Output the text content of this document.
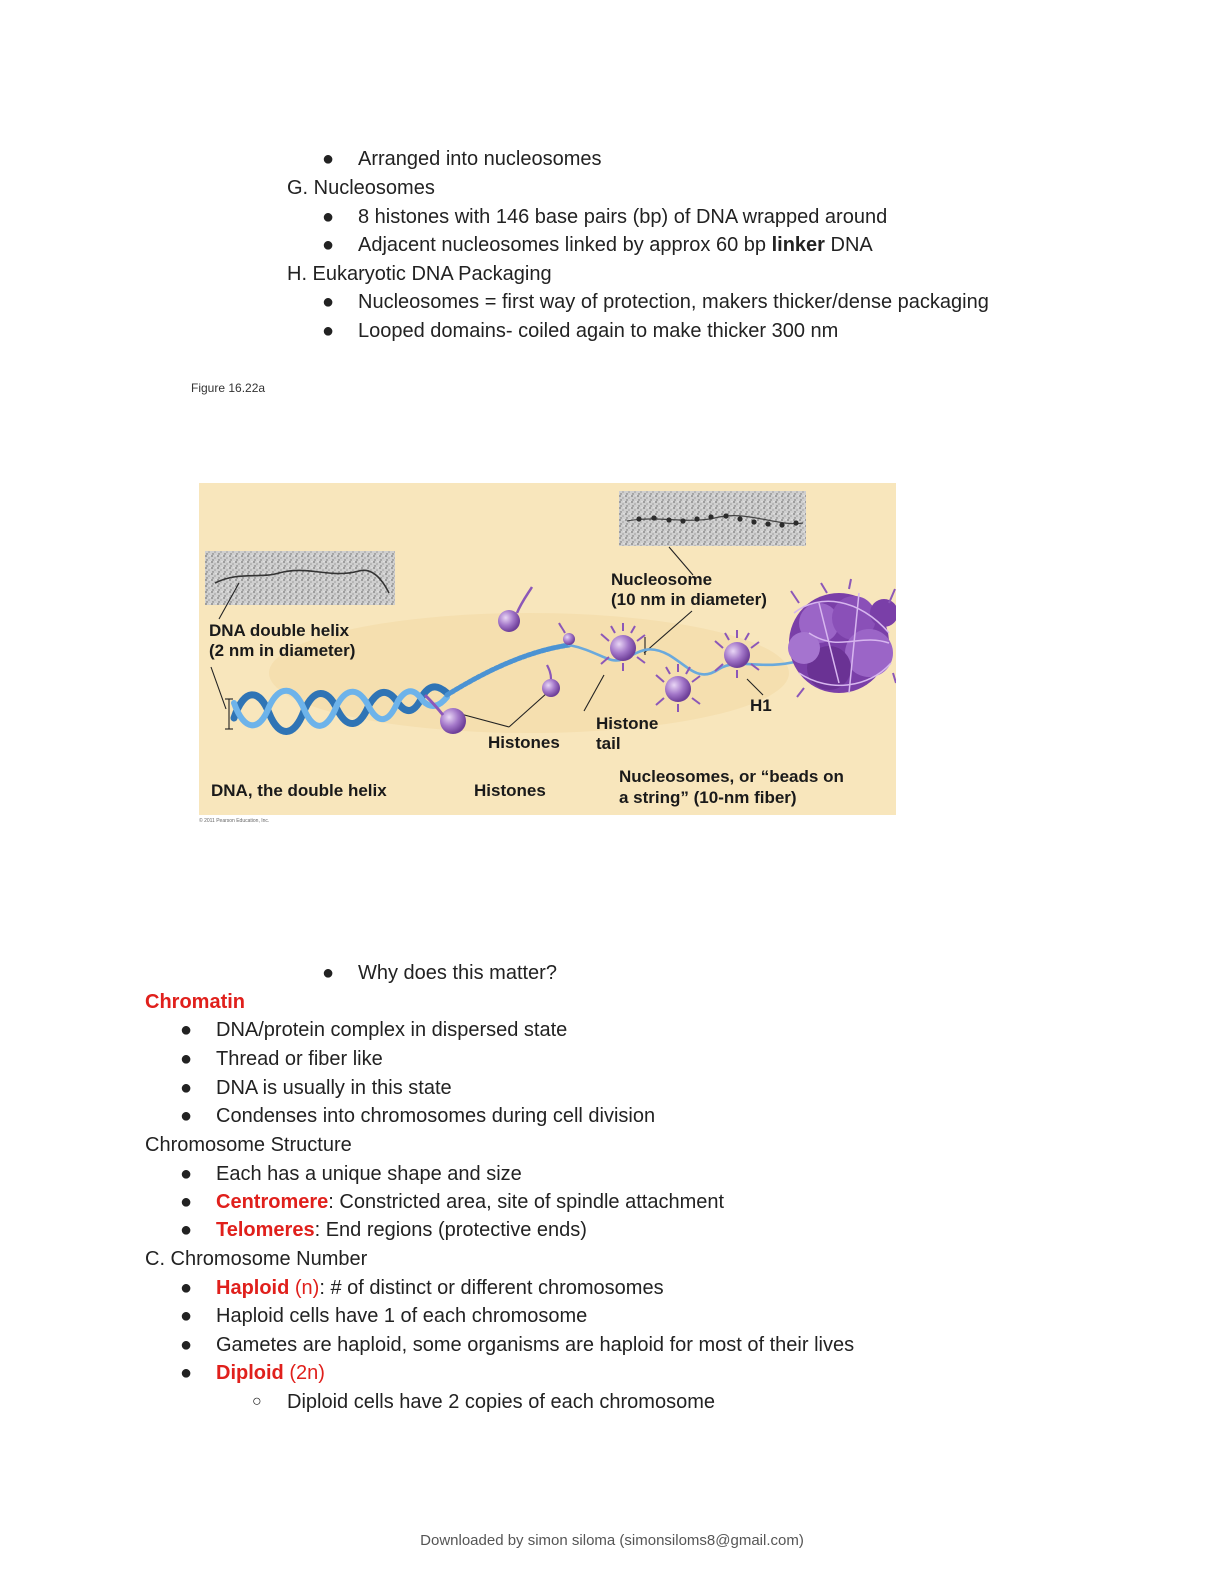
● Arranged into nucleosomes
G. Nucleosomes
● 8 histones with 146 base pairs (bp) of DNA wrapped around
● Adjacent nucleosomes linked by approx 60 bp linker DNA
H. Eukaryotic DNA Packaging
● Nucleosomes = first way of protection, makers thicker/dense packaging
● Looped domains- coiled again to make thicker 300 nm
Figure 16.22a
DNA double helix
(2 nm in diameter)
Nucleosome
(10 nm in diameter)
Histones
Histone
tail
H1
DNA, the double helix	Histones
Nucleosomes, or “beads on
a string” (10-nm fiber)
© 2011 Pearson Education, Inc.
● Why does this matter?
Chromatin
● DNA/protein complex in dispersed state
● Thread or fiber like
● DNA is usually in this state
● Condenses into chromosomes during cell division
Chromosome Structure
● Each has a unique shape and size
● Centromere: Constricted area, site of spindle attachment
● Telomeres: End regions (protective ends)
C. Chromosome Number
● Haploid (n): # of distinct or different chromosomes
● Haploid cells have 1 of each chromosome
● Gametes are haploid, some organisms are haploid for most of their lives
● Diploid (2n)
○ Diploid cells have 2 copies of each chromosome
Downloaded by simon siloma (simonsiloms8@gmail.com)
